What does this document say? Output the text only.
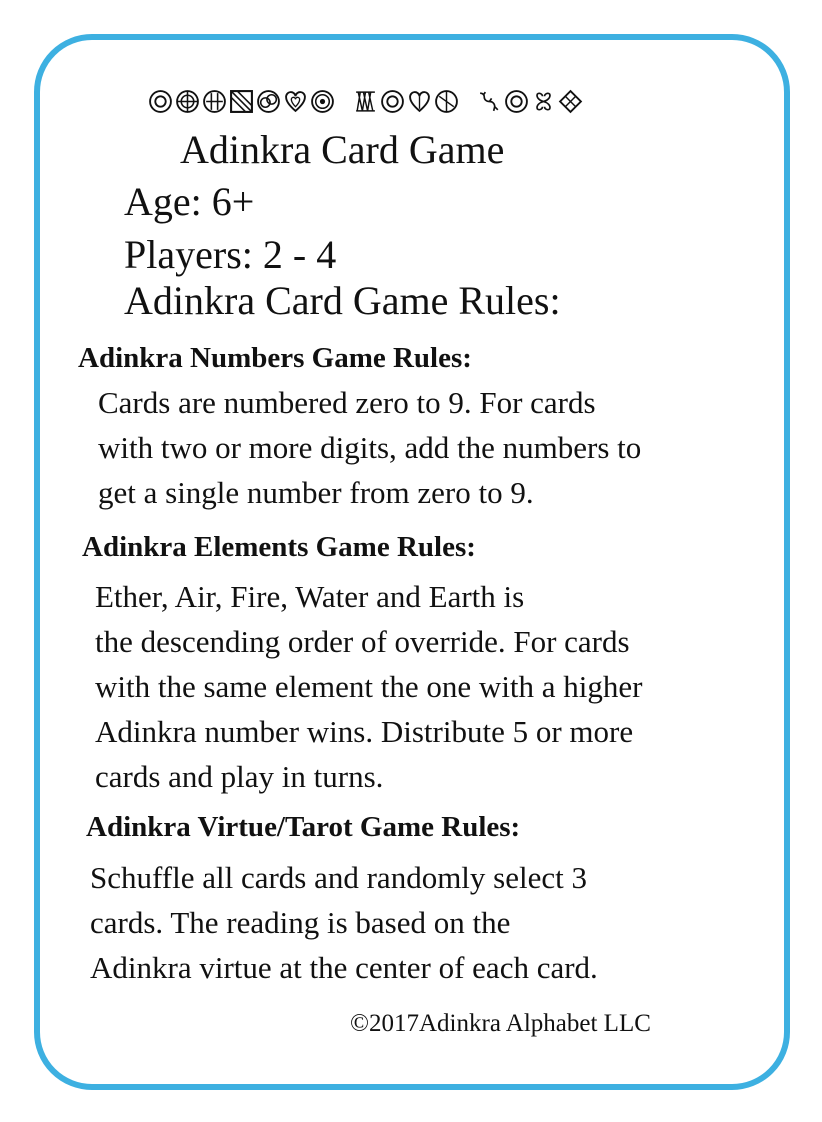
Adinkra Card Game
Age: 6+
Players: 2 - 4
Adinkra Card Game Rules:
Adinkra Numbers Game Rules:
Cards are numbered zero to 9. For cards
with two or more digits, add the numbers to
get a single number from zero to 9.
Adinkra Elements Game Rules:
Ether, Air, Fire, Water and Earth is
the descending order of override. For cards
with the same element the one with a higher
Adinkra number wins. Distribute 5 or more
cards and play in turns.
Adinkra Virtue/Tarot Game Rules:
Schuffle all cards and randomly select 3
cards. The reading is based on the
Adinkra virtue at the center of each card.
©2017Adinkra Alphabet LLC
